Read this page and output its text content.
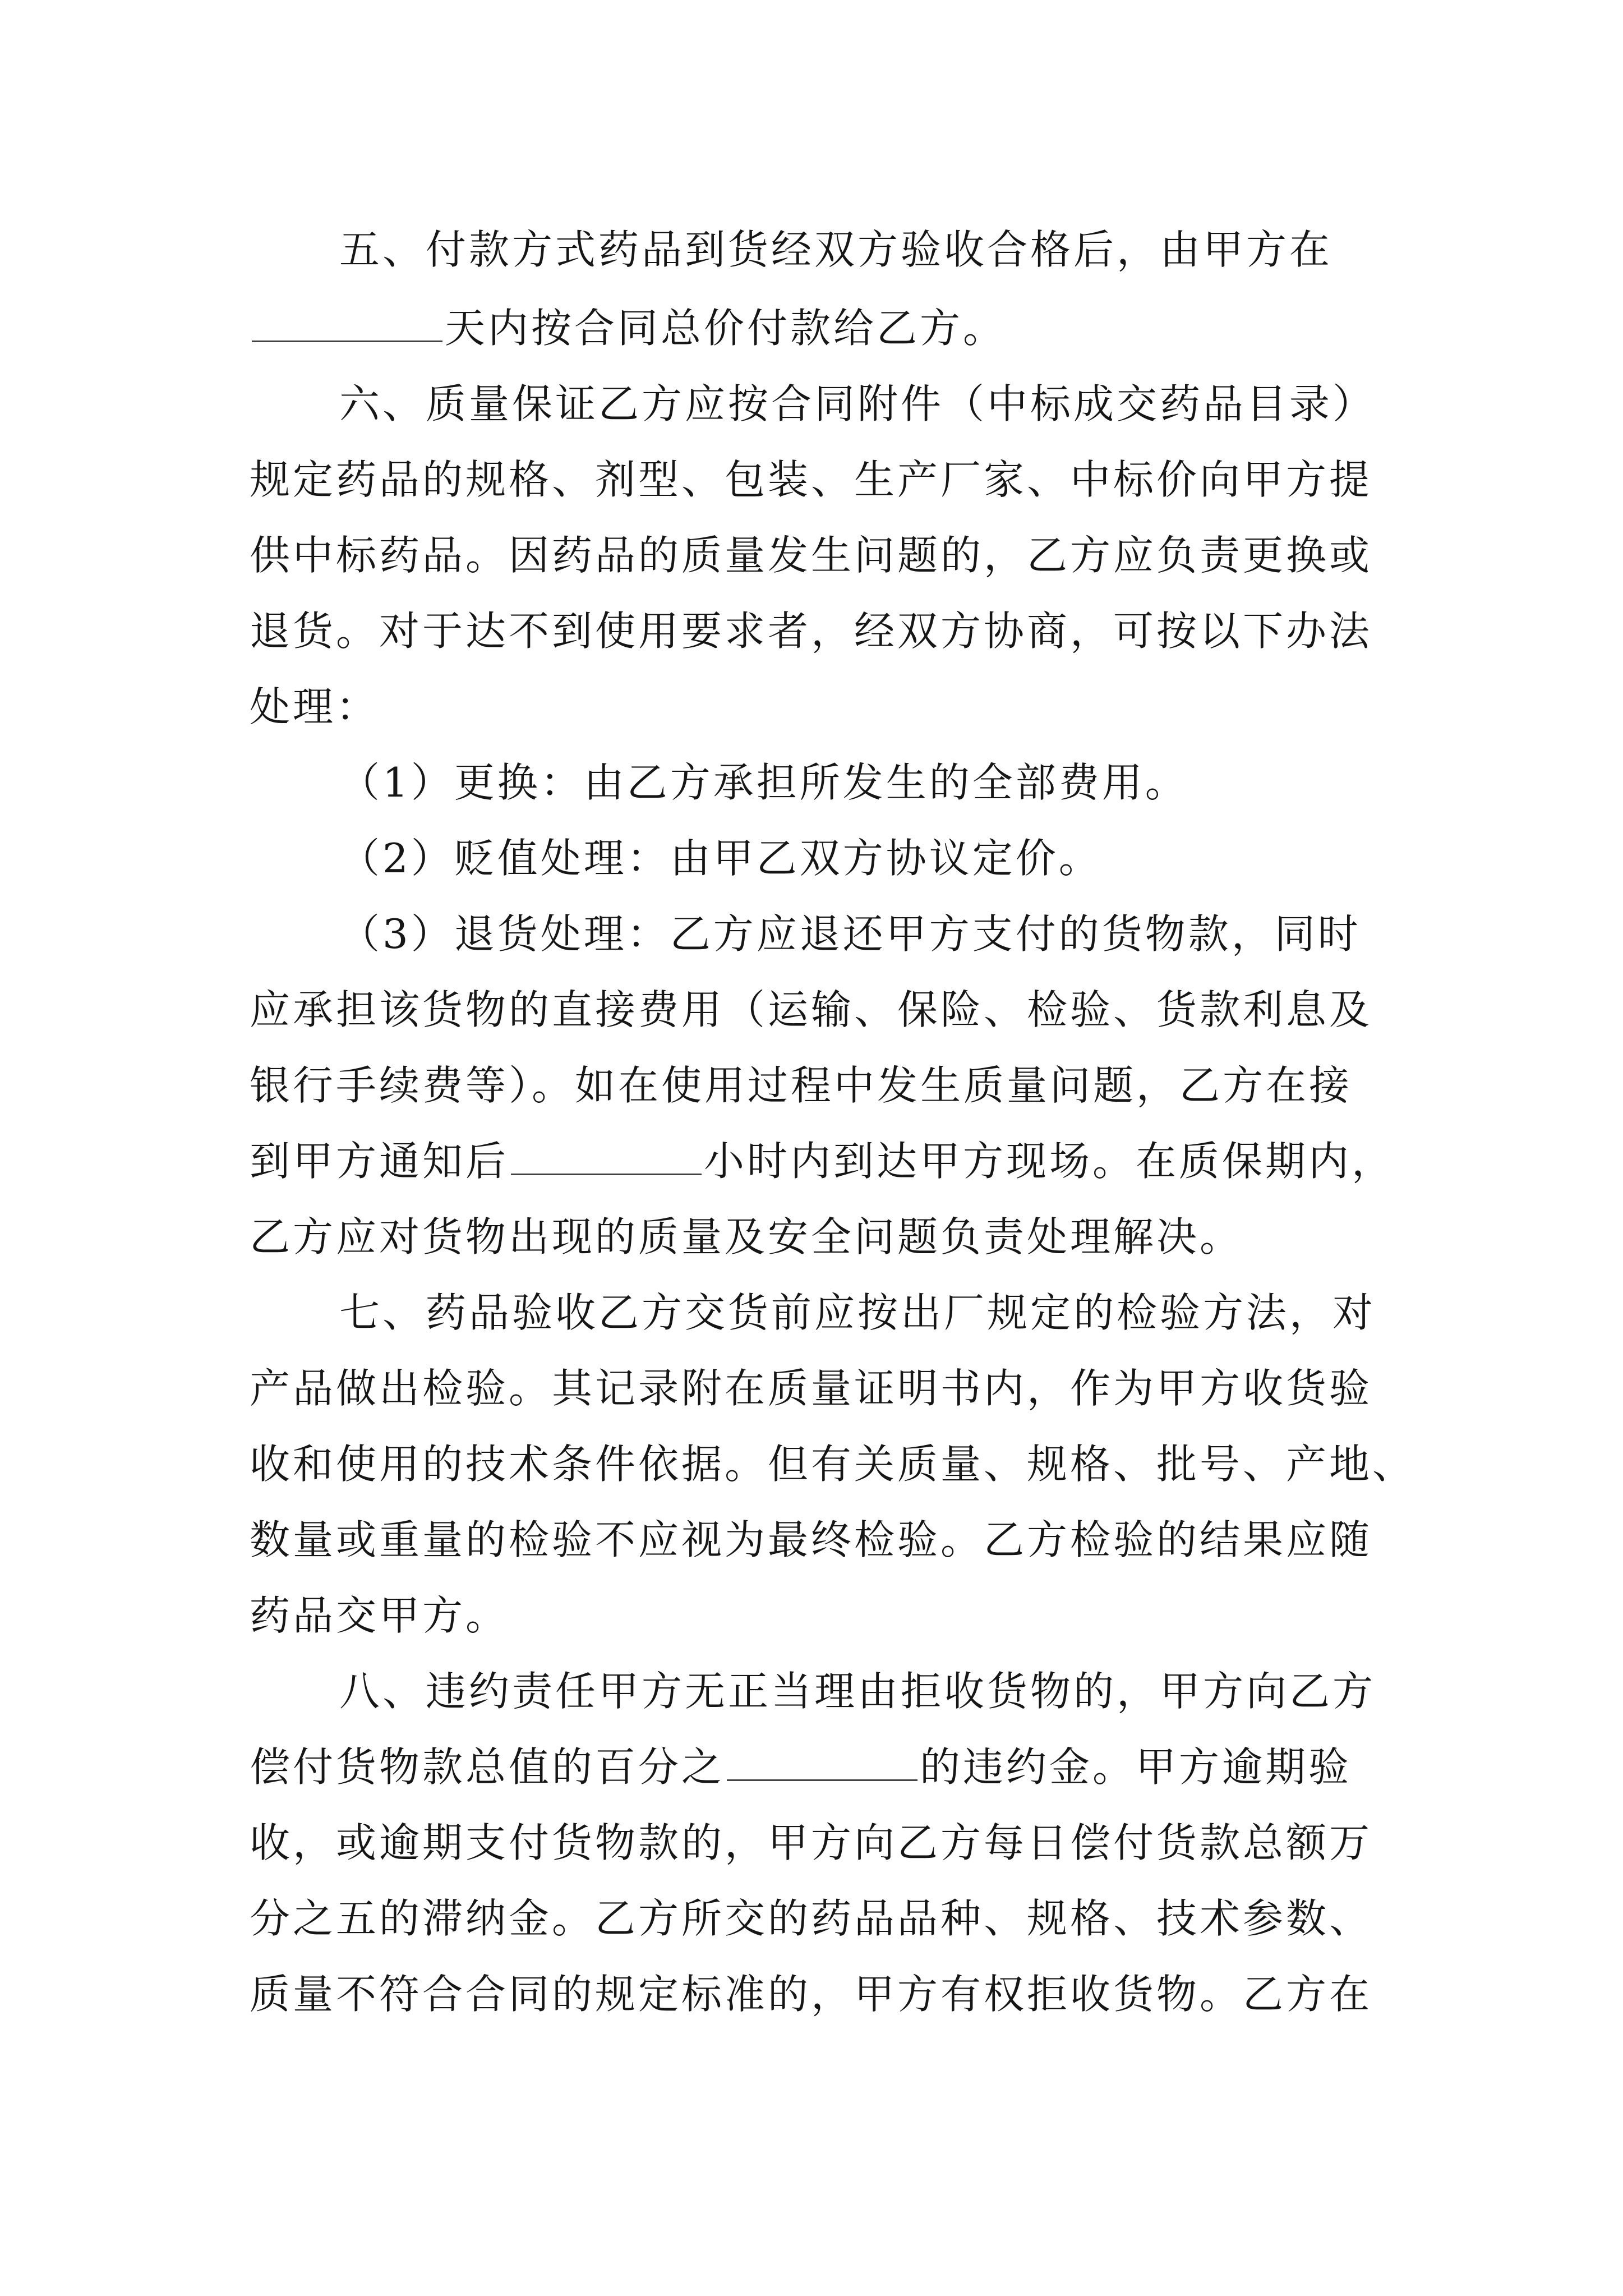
五、付款方式药品到货经双方验收合格后，由甲方在
天内按合同总价付款给乙方。
六、质量保证乙方应按合同附件（中标成交药品目录）
规定药品的规格、剂型、包装、生产厂家、中标价向甲方提
供中标药品。因药品的质量发生问题的，乙方应负责更换或
退货。对于达不到使用要求者，经双方协商，可按以下办法
处理：
（1）更换：由乙方承担所发生的全部费用。
（2）贬值处理：由甲乙双方协议定价。
（3）退货处理：乙方应退还甲方支付的货物款，同时
应承担该货物的直接费用（运输、保险、检验、货款利息及
银行手续费等）。如在使用过程中发生质量问题，乙方在接
到甲方通知后	小时内到达甲方现场。在质保期内，
乙方应对货物出现的质量及安全问题负责处理解决。
七、药品验收乙方交货前应按出厂规定的检验方法，对
产品做出检验。其记录附在质量证明书内，作为甲方收货验
收和使用的技术条件依据。但有关质量、规格、批号、产地、
数量或重量的检验不应视为最终检验。乙方检验的结果应随
药品交甲方。
八、违约责任甲方无正当理由拒收货物的，甲方向乙方
偿付货物款总值的百分之	的违约金。甲方逾期验
收，或逾期支付货物款的，甲方向乙方每日偿付货款总额万
分之五的滞纳金。乙方所交的药品品种、规格、技术参数、
质量不符合合同的规定标准的，甲方有权拒收货物。乙方在
